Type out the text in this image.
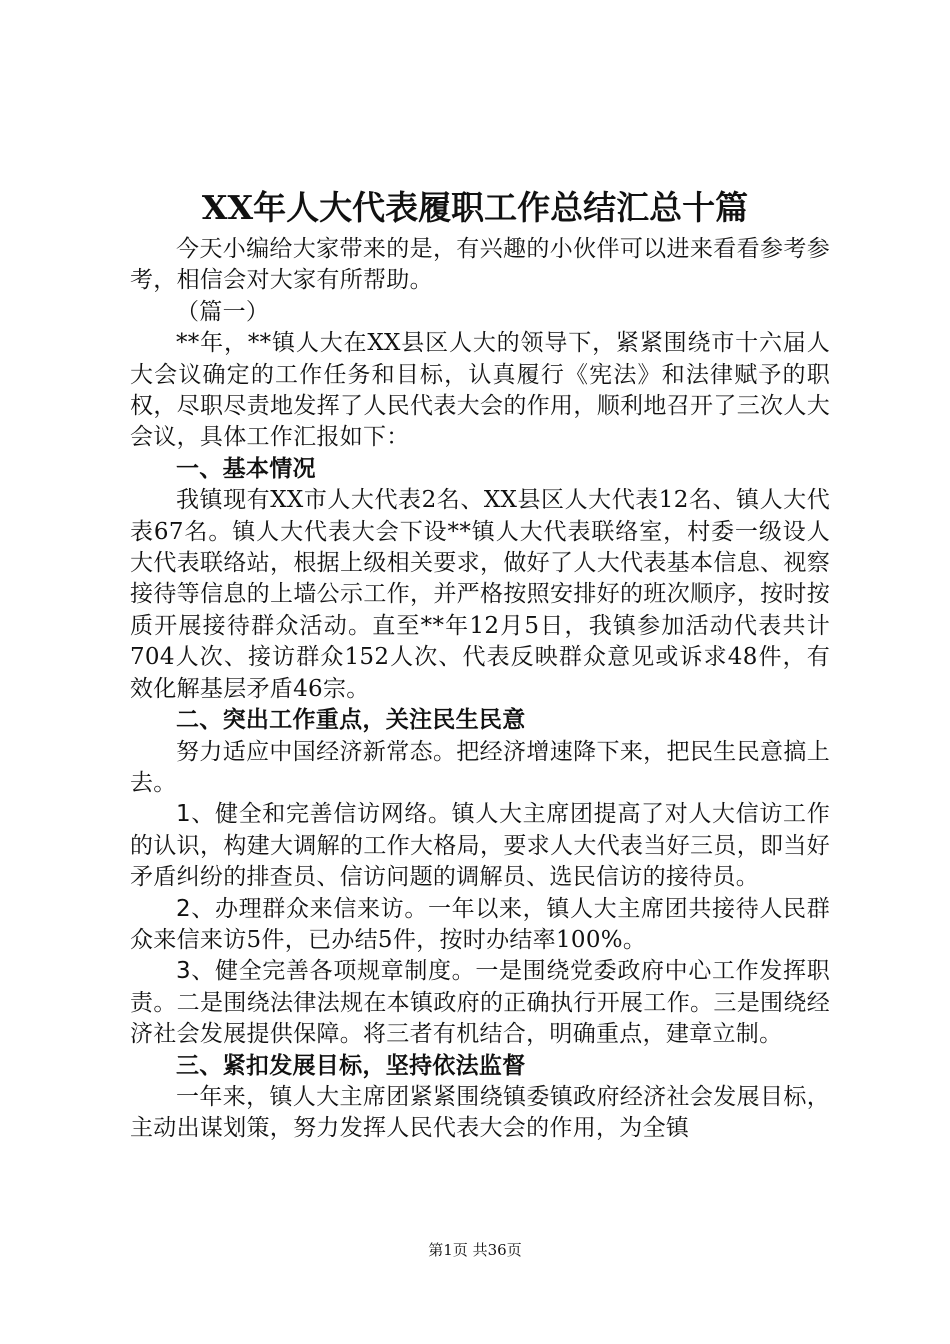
XX年人大代表履职工作总结汇总十篇

今天小编给大家带来的是，有兴趣的小伙伴可以进来看看参考参考，相信会对大家有所帮助。

（篇一）

**年，**镇人大在XX县区人大的领导下，紧紧围绕市十六届人大会议确定的工作任务和目标，认真履行《宪法》和法律赋予的职权，尽职尽责地发挥了人民代表大会的作用，顺利地召开了三次人大会议，具体工作汇报如下：

一、基本情况

我镇现有XX市人大代表2名、XX县区人大代表12名、镇人大代表67名。镇人大代表大会下设**镇人大代表联络室，村委一级设人大代表联络站，根据上级相关要求，做好了人大代表基本信息、视察接待等信息的上墙公示工作，并严格按照安排好的班次顺序，按时按质开展接待群众活动。直至**年12月5日，我镇参加活动代表共计704人次、接访群众152人次、代表反映群众意见或诉求48件，有效化解基层矛盾46宗。

二、突出工作重点，关注民生民意

努力适应中国经济新常态。把经济增速降下来，把民生民意搞上去。

1、健全和完善信访网络。镇人大主席团提高了对人大信访工作的认识，构建大调解的工作大格局，要求人大代表当好三员，即当好矛盾纠纷的排查员、信访问题的调解员、选民信访的接待员。

2、办理群众来信来访。一年以来，镇人大主席团共接待人民群众来信来访5件，已办结5件，按时办结率100%。

3、健全完善各项规章制度。一是围绕党委政府中心工作发挥职责。二是围绕法律法规在本镇政府的正确执行开展工作。三是围绕经济社会发展提供保障。将三者有机结合，明确重点，建章立制。

三、紧扣发展目标，坚持依法监督

一年来，镇人大主席团紧紧围绕镇委镇政府经济社会发展目标，主动出谋划策，努力发挥人民代表大会的作用，为全镇

第1页 共36页
